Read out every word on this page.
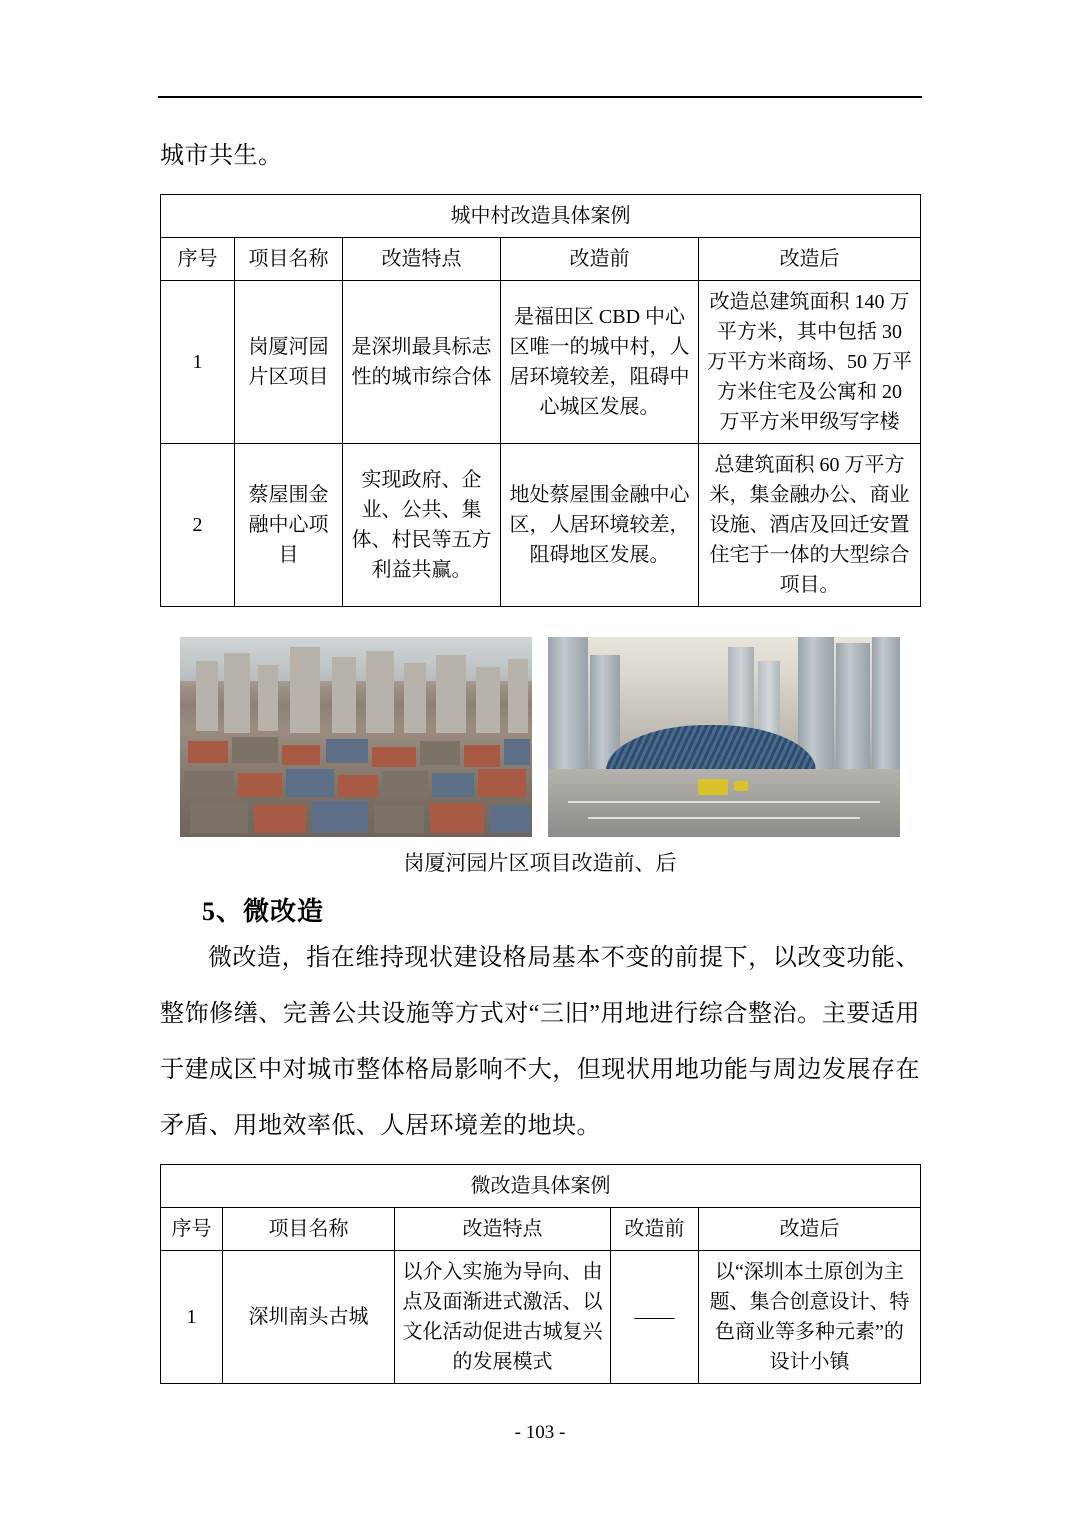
城市共生。

城中村改造具体案例				
序号	项目名称	改造特点	改造前	改造后
1	岗厦河园片区项目	是深圳最具标志性的城市综合体	是福田区 CBD 中心区唯一的城中村，人居环境较差，阻碍中心城区发展。	改造总建筑面积 140 万平方米，其中包括 30 万平方米商场、50 万平方米住宅及公寓和 20 万平方米甲级写字楼
2	蔡屋围金融中心项目	实现政府、企业、公共、集体、村民等五方利益共赢。	地处蔡屋围金融中心区，人居环境较差，阻碍地区发展。	总建筑面积 60 万平方米，集金融办公、商业设施、酒店及回迁安置住宅于一体的大型综合项目。
岗厦河园片区项目改造前、后
5、微改造

微改造，指在维持现状建设格局基本不变的前提下，以改变功能、整饰修缮、完善公共设施等方式对“三旧”用地进行综合整治。主要适用于建成区中对城市整体格局影响不大，但现状用地功能与周边发展存在矛盾、用地效率低、人居环境差的地块。

微改造具体案例				
序号	项目名称	改造特点	改造前	改造后
1	深圳南头古城	以介入实施为导向、由点及面渐进式激活、以文化活动促进古城复兴的发展模式	——	以“深圳本土原创为主题、集合创意设计、特色商业等多种元素”的设计小镇
- 103 -
